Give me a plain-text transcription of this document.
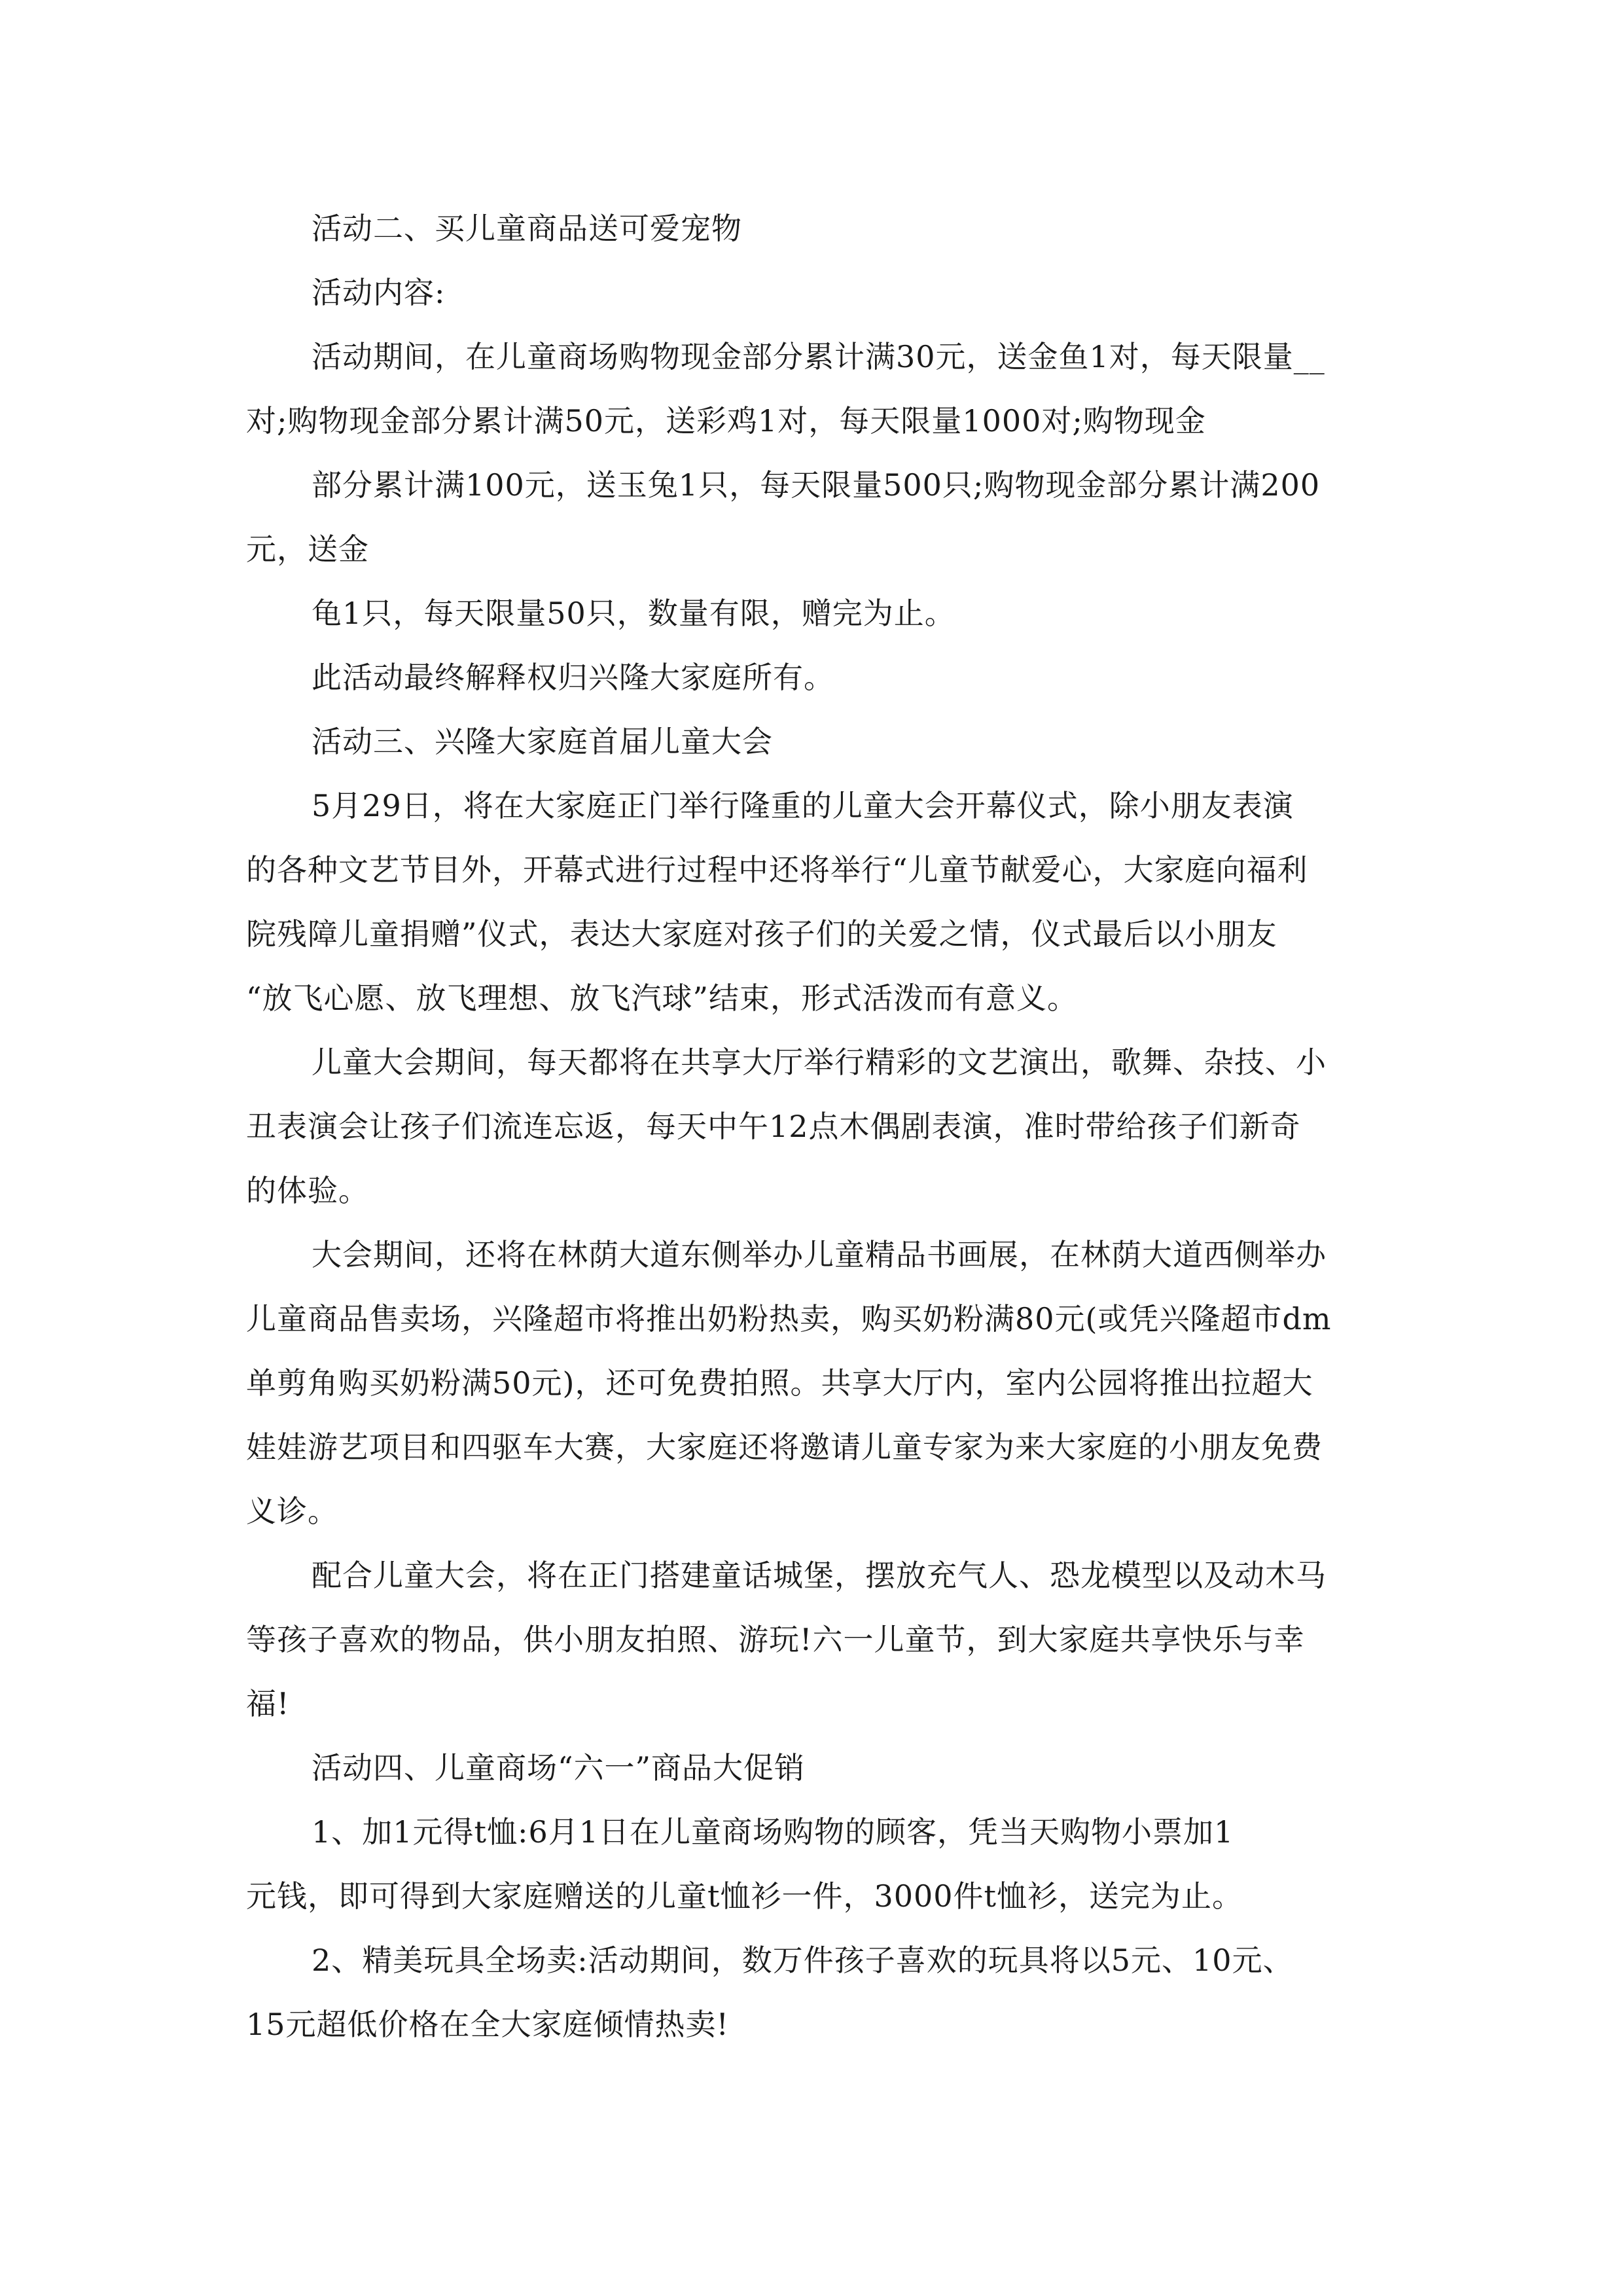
活动二、买儿童商品送可爱宠物
活动内容:
活动期间，在儿童商场购物现金部分累计满30元，送金鱼1对，每天限量__
对;购物现金部分累计满50元，送彩鸡1对，每天限量1000对;购物现金
部分累计满100元，送玉兔1只，每天限量500只;购物现金部分累计满200
元，送金
龟1只，每天限量50只，数量有限，赠完为止。
此活动最终解释权归兴隆大家庭所有。
活动三、兴隆大家庭首届儿童大会
5月29日，将在大家庭正门举行隆重的儿童大会开幕仪式，除小朋友表演
的各种文艺节目外，开幕式进行过程中还将举行“儿童节献爱心，大家庭向福利
院残障儿童捐赠”仪式，表达大家庭对孩子们的关爱之情，仪式最后以小朋友
“放飞心愿、放飞理想、放飞汽球”结束，形式活泼而有意义。
儿童大会期间，每天都将在共享大厅举行精彩的文艺演出，歌舞、杂技、小
丑表演会让孩子们流连忘返，每天中午12点木偶剧表演，准时带给孩子们新奇
的体验。
大会期间，还将在林荫大道东侧举办儿童精品书画展，在林荫大道西侧举办
儿童商品售卖场，兴隆超市将推出奶粉热卖，购买奶粉满80元(或凭兴隆超市dm
单剪角购买奶粉满50元)，还可免费拍照。共享大厅内，室内公园将推出拉超大
娃娃游艺项目和四驱车大赛，大家庭还将邀请儿童专家为来大家庭的小朋友免费
义诊。
配合儿童大会，将在正门搭建童话城堡，摆放充气人、恐龙模型以及动木马
等孩子喜欢的物品，供小朋友拍照、游玩!六一儿童节，到大家庭共享快乐与幸
福!
活动四、儿童商场“六一”商品大促销
1、加1元得t恤:6月1日在儿童商场购物的顾客，凭当天购物小票加1
元钱，即可得到大家庭赠送的儿童t恤衫一件，3000件t恤衫，送完为止。
2、精美玩具全场卖:活动期间，数万件孩子喜欢的玩具将以5元、10元、
15元超低价格在全大家庭倾情热卖!
